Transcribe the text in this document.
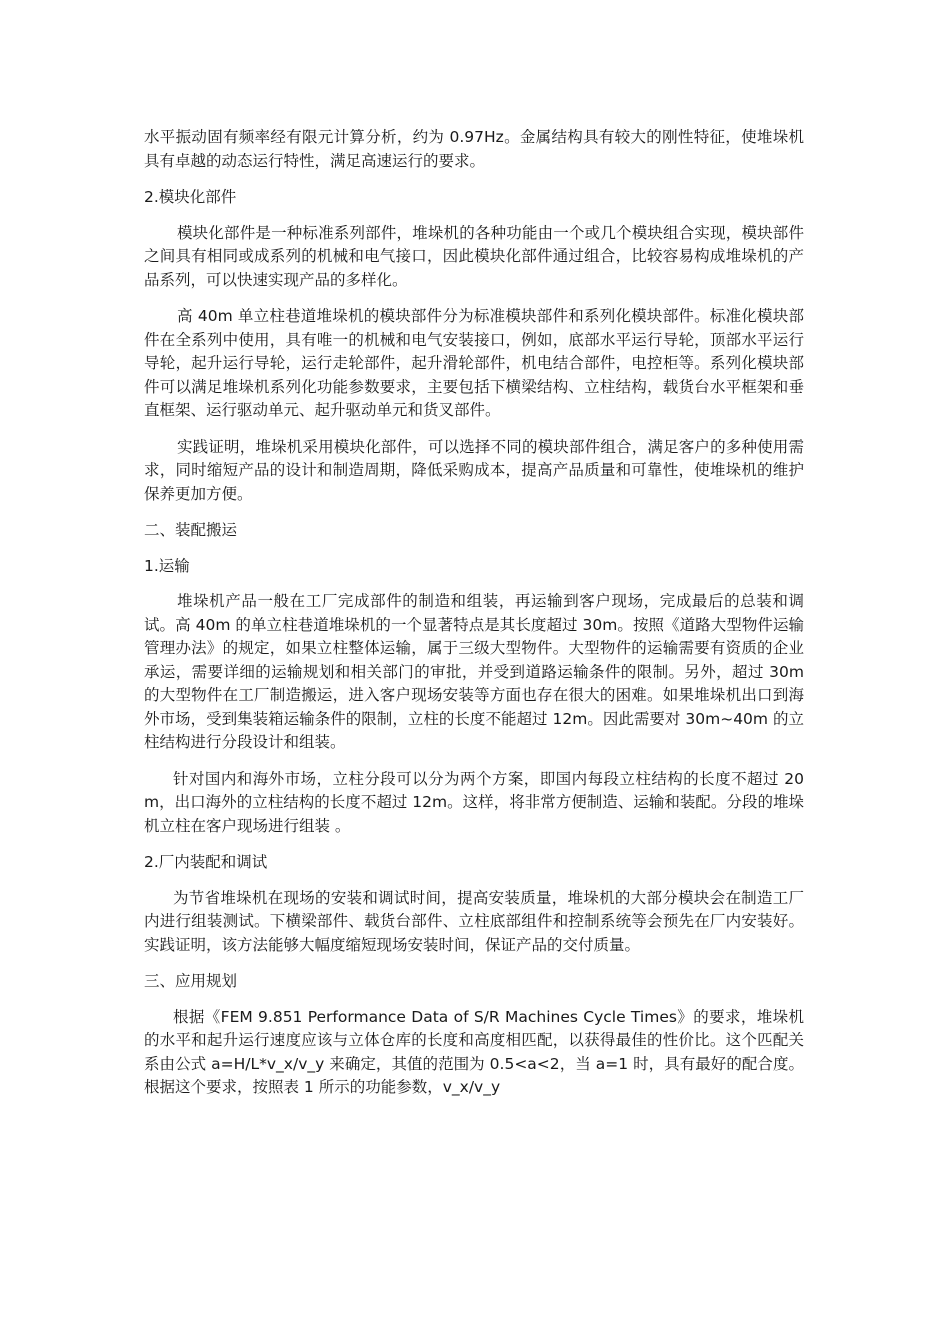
水平振动固有频率经有限元计算分析，约为 0.97Hz。金属结构具有较大的刚性特征，使堆垛机具有卓越的动态运行特性，满足高速运行的要求。

2.模块化部件

模块化部件是一种标准系列部件，堆垛机的各种功能由一个或几个模块组合实现，模块部件之间具有相同或成系列的机械和电气接口，因此模块化部件通过组合，比较容易构成堆垛机的产品系列，可以快速实现产品的多样化。

高 40m 单立柱巷道堆垛机的模块部件分为标准模块部件和系列化模块部件。标准化模块部件在全系列中使用，具有唯一的机械和电气安装接口，例如，底部水平运行导轮，顶部水平运行导轮，起升运行导轮，运行走轮部件，起升滑轮部件，机电结合部件，电控柜等。系列化模块部件可以满足堆垛机系列化功能参数要求，主要包括下横梁结构、立柱结构，载货台水平框架和垂直框架、运行驱动单元、起升驱动单元和货叉部件。

实践证明，堆垛机采用模块化部件，可以选择不同的模块部件组合，满足客户的多种使用需求，同时缩短产品的设计和制造周期，降低采购成本，提高产品质量和可靠性，使堆垛机的维护保养更加方便。

二、装配搬运

1.运输

堆垛机产品一般在工厂完成部件的制造和组装，再运输到客户现场，完成最后的总装和调试。高 40m 的单立柱巷道堆垛机的一个显著特点是其长度超过 30m。按照《道路大型物件运输管理办法》的规定，如果立柱整体运输，属于三级大型物件。大型物件的运输需要有资质的企业承运，需要详细的运输规划和相关部门的审批，并受到道路运输条件的限制。另外，超过 30m 的大型物件在工厂制造搬运，进入客户现场安装等方面也存在很大的困难。如果堆垛机出口到海外市场，受到集装箱运输条件的限制，立柱的长度不能超过 12m。因此需要对 30m~40m 的立柱结构进行分段设计和组装。

针对国内和海外市场，立柱分段可以分为两个方案，即国内每段立柱结构的长度不超过 20m，出口海外的立柱结构的长度不超过 12m。这样，将非常方便制造、运输和装配。分段的堆垛机立柱在客户现场进行组装 。

2.厂内装配和调试

为节省堆垛机在现场的安装和调试时间，提高安装质量，堆垛机的大部分模块会在制造工厂内进行组装测试。下横梁部件、载货台部件、立柱底部组件和控制系统等会预先在厂内安装好。实践证明，该方法能够大幅度缩短现场安装时间，保证产品的交付质量。

三、应用规划

根据《FEM 9.851 Performance Data of S/R Machines Cycle Times》的要求，堆垛机的水平和起升运行速度应该与立体仓库的长度和高度相匹配，以获得最佳的性价比。这个匹配关系由公式 a=H/L*v_x/v_y 来确定，其值的范围为 0.5<a<2，当 a=1 时，具有最好的配合度。根据这个要求，按照表 1 所示的功能参数，v_x/v_y
